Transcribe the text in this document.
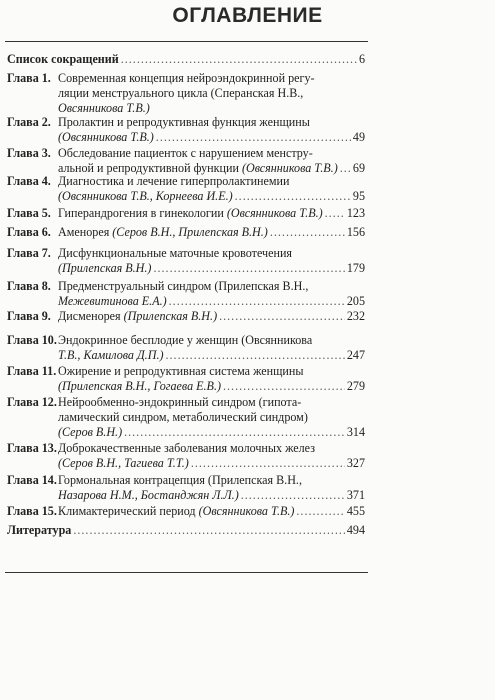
ОГЛАВЛЕНИЕ
Список сокращений .....	6
Глава 1. Современная концепция нейроэндокринной регу-
ляции менструального цикла (Сперанская Н.В.,
Овсянникова Т.В.)
Глава 2. Пролактин и репродуктивная функция женщины
(Овсянникова Т.В.) .....	49
Глава 3. Обследование пациенток с нарушением менстру-
альной и репродуктивной функции (Овсянникова Т.В.) ..... 69
Глава 4. Диагностика и лечение гиперпролактинемии
(Овсянникова Т.В., Корнеева И.Е.) .....	95
Глава 5. Гиперандрогения в гинекологии (Овсянникова Т.В.) ..... 123
Глава 6. Аменорея (Серов В.Н., Прилепская В.Н.) .....	156
Глава 7. Дисфункциональные маточные кровотечения
(Прилепская В.Н.) .....	179
Глава 8. Предменструальный синдром (Прилепская В.Н.,
Межевитинова Е.А.) .....	205
Глава 9. Дисменорея (Прилепская В.Н.) .....	232
Глава 10. Эндокринное бесплодие у женщин (Овсянникова
Т.В., Камилова Д.П.) .....	247
Глава 11. Ожирение и репродуктивная система женщины
(Прилепская В.Н., Гогаева Е.В.) .....	279
Глава 12. Нейрообменно-эндокринный синдром (гипота-
ламический синдром, метаболический синдром)
(Серов В.Н.) .....	314
Глава 13. Доброкачественные заболевания молочных желез
(Серов В.Н., Тагиева Т.Т.) .....	327
Глава 14. Гормональная контрацепция (Прилепская В.Н.,
Назарова Н.М., Бостанджян Л.Л.) .....	371
Глава 15. Климактерический период (Овсянникова Т.В.) .....	455
Литература .....	494
